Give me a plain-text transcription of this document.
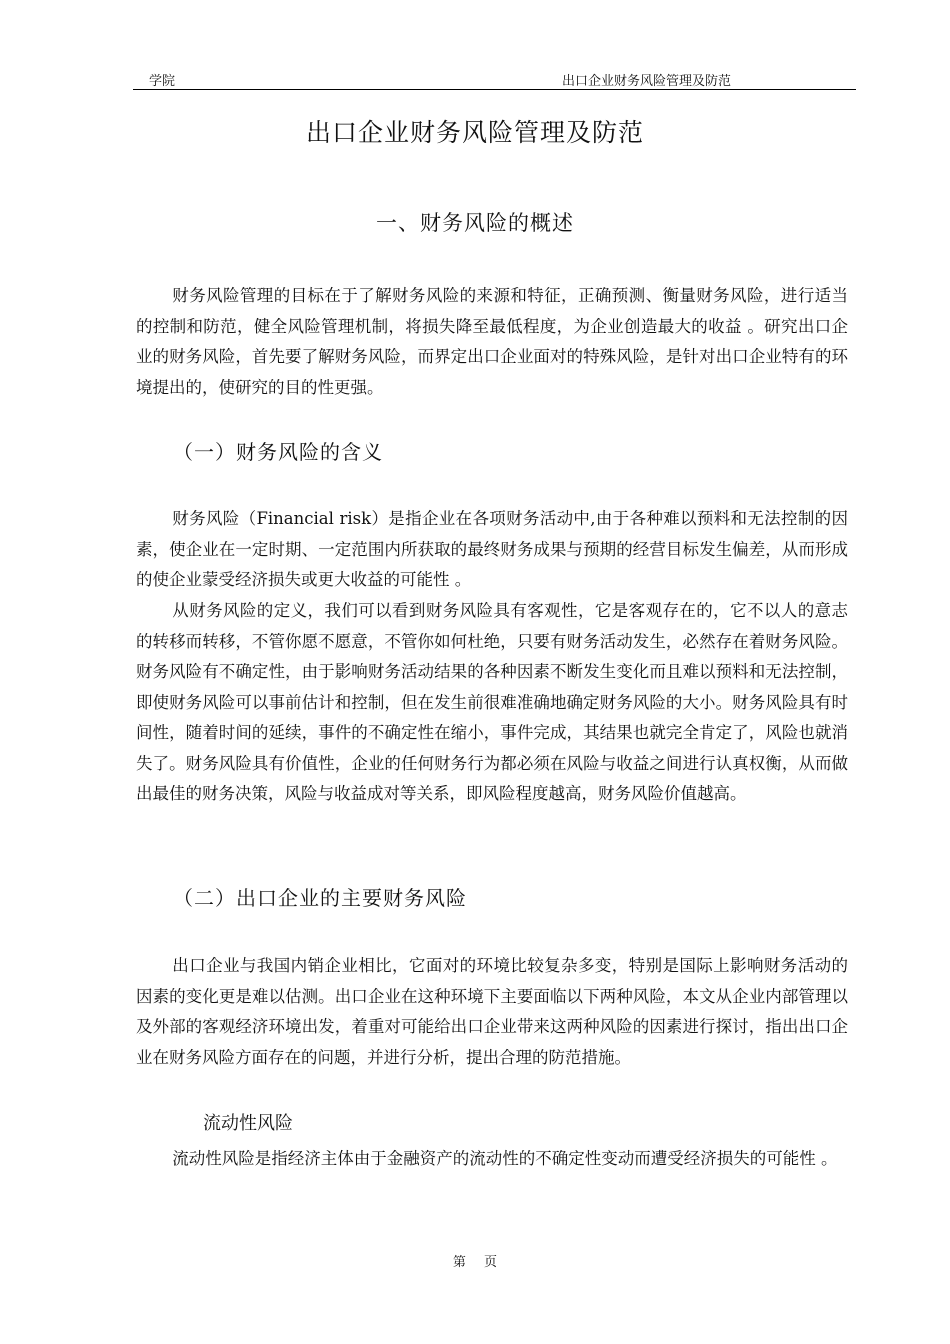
学院	出口企业财务风险管理及防范
出口企业财务风险管理及防范
一、财务风险的概述

财务风险管理的目标在于了解财务风险的来源和特征，正确预测、衡量财务风险，进行适当的控制和防范，健全风险管理机制，将损失降至最低程度，为企业创造最大的收益 。研究出口企业的财务风险，首先要了解财务风险，而界定出口企业面对的特殊风险，是针对出口企业特有的环境提出的，使研究的目的性更强。

（一）财务风险的含义

财务风险（Financial risk）是指企业在各项财务活动中,由于各种难以预料和无法控制的因素，使企业在一定时期、一定范围内所获取的最终财务成果与预期的经营目标发生偏差，从而形成的使企业蒙受经济损失或更大收益的可能性 。

从财务风险的定义，我们可以看到财务风险具有客观性，它是客观存在的，它不以人的意志的转移而转移，不管你愿不愿意，不管你如何杜绝，只要有财务活动发生，必然存在着财务风险。财务风险有不确定性，由于影响财务活动结果的各种因素不断发生变化而且难以预料和无法控制，即使财务风险可以事前估计和控制，但在发生前很难准确地确定财务风险的大小。财务风险具有时间性，随着时间的延续，事件的不确定性在缩小，事件完成，其结果也就完全肯定了，风险也就消失了。财务风险具有价值性，企业的任何财务行为都必须在风险与收益之间进行认真权衡，从而做出最佳的财务决策，风险与收益成对等关系，即风险程度越高，财务风险价值越高。

（二）出口企业的主要财务风险

出口企业与我国内销企业相比，它面对的环境比较复杂多变，特别是国际上影响财务活动的因素的变化更是难以估测。出口企业在这种环境下主要面临以下两种风险，本文从企业内部管理以及外部的客观经济环境出发，着重对可能给出口企业带来这两种风险的因素进行探讨，指出出口企业在财务风险方面存在的问题，并进行分析，提出合理的防范措施。

流动性风险

流动性风险是指经济主体由于金融资产的流动性的不确定性变动而遭受经济损失的可能性 。

第 页
